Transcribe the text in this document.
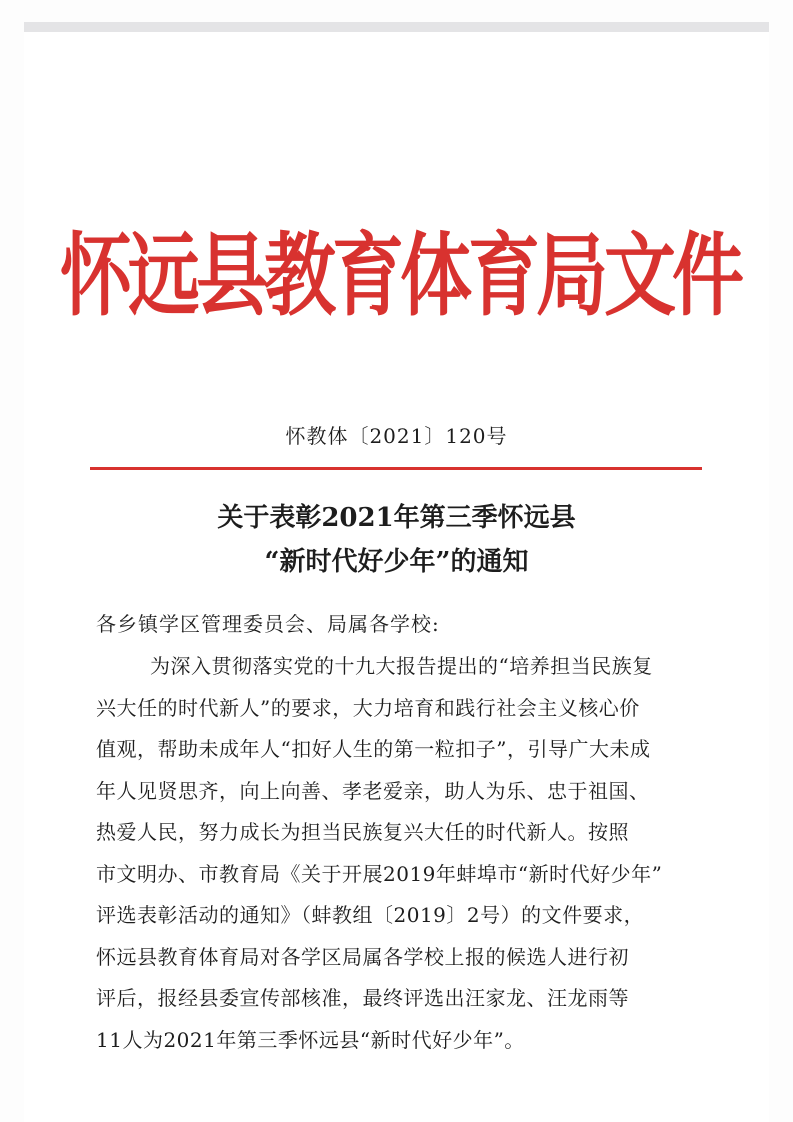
怀远县教育体育局文件
怀教体〔2021〕120号
关于表彰2021年第三季怀远县
“新时代好少年”的通知
各乡镇学区管理委员会、局属各学校:
为深入贯彻落实党的十九大报告提出的“培养担当民族复
兴大任的时代新人”的要求，大力培育和践行社会主义核心价
值观，帮助未成年人“扣好人生的第一粒扣子”，引导广大未成
年人见贤思齐，向上向善、孝老爱亲，助人为乐、忠于祖国、
热爱人民，努力成长为担当民族复兴大任的时代新人。按照
市文明办、市教育局《关于开展2019年蚌埠市“新时代好少年”
评选表彰活动的通知》（蚌教组〔2019〕2号）的文件要求，
怀远县教育体育局对各学区局属各学校上报的候选人进行初
评后，报经县委宣传部核准，最终评选出汪家龙、汪龙雨等
11人为2021年第三季怀远县“新时代好少年”。
